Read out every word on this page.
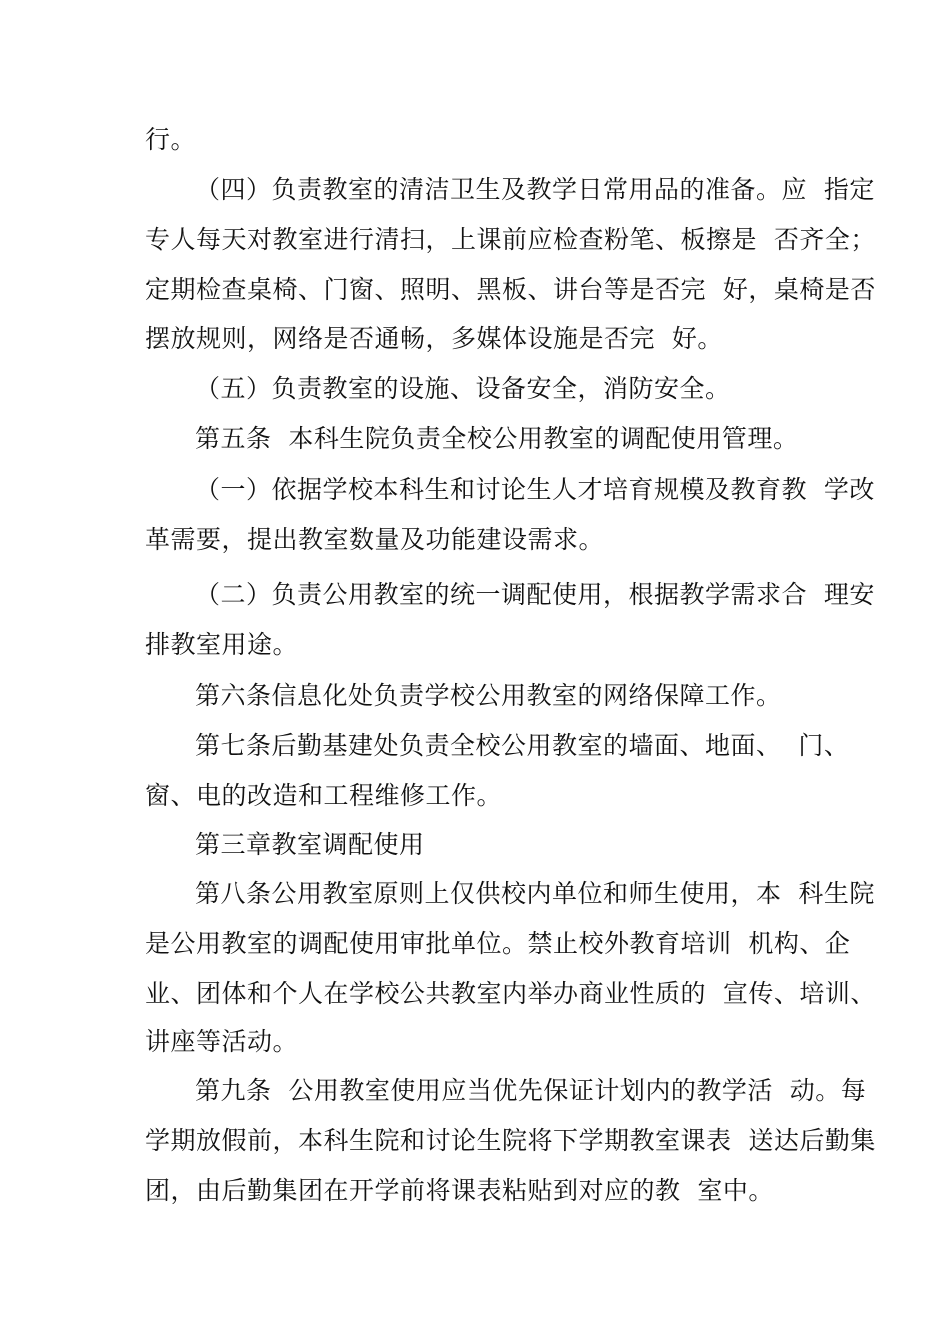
行。
（四）负责教室的清洁卫生及教学日常用品的准备。应  指定
专人每天对教室进行清扫，上课前应检查粉笔、板擦是  否齐全；
定期检查桌椅、门窗、照明、黑板、讲台等是否完  好，桌椅是否
摆放规则，网络是否通畅，多媒体设施是否完  好。
（五）负责教室的设施、设备安全，消防安全。
第五条  本科生院负责全校公用教室的调配使用管理。
（一）依据学校本科生和讨论生人才培育规模及教育教  学改
革需要，提出教室数量及功能建设需求。
（二）负责公用教室的统一调配使用，根据教学需求合  理安
排教室用途。
第六条信息化处负责学校公用教室的网络保障工作。
第七条后勤基建处负责全校公用教室的墙面、地面、  门、
窗、电的改造和工程维修工作。
第三章教室调配使用
第八条公用教室原则上仅供校内单位和师生使用，本  科生院
是公用教室的调配使用审批单位。禁止校外教育培训  机构、企
业、团体和个人在学校公共教室内举办商业性质的  宣传、培训、
讲座等活动。
第九条  公用教室使用应当优先保证计划内的教学活  动。每
学期放假前，本科生院和讨论生院将下学期教室课表  送达后勤集
团，由后勤集团在开学前将课表粘贴到对应的教  室中。
